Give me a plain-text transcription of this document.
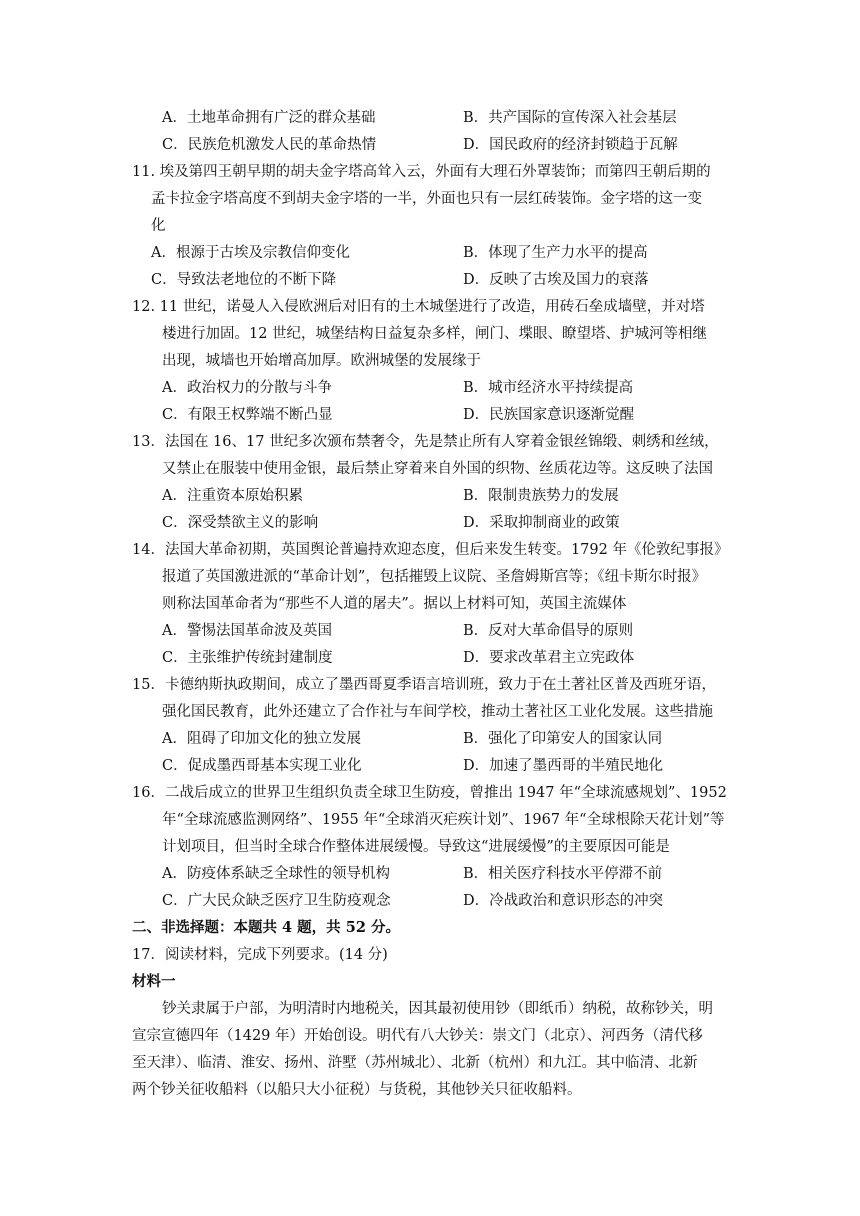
A．土地革命拥有广泛的群众基础	B．共产国际的宣传深入社会基层
C．民族危机激发人民的革命热情	D．国民政府的经济封锁趋于瓦解
11. 埃及第四王朝早期的胡夫金字塔高耸入云，外面有大理石外罩装饰；而第四王朝后期的
孟卡拉金字塔高度不到胡夫金字塔的一半，外面也只有一层红砖装饰。金字塔的这一变
化
A．根源于古埃及宗教信仰变化	B．体现了生产力水平的提高
C．导致法老地位的不断下降	D．反映了古埃及国力的衰落
12. 11 世纪，诺曼人入侵欧洲后对旧有的土木城堡进行了改造，用砖石垒成墙壁，并对塔
楼进行加固。12 世纪，城堡结构日益复杂多样，闸门、堞眼、瞭望塔、护城河等相继
出现，城墙也开始增高加厚。欧洲城堡的发展缘于
A．政治权力的分散与斗争	B．城市经济水平持续提高
C．有限王权弊端不断凸显	D．民族国家意识逐渐觉醒
13．法国在 16、17 世纪多次颁布禁奢令，先是禁止所有人穿着金银丝锦缎、刺绣和丝绒，
又禁止在服装中使用金银，最后禁止穿着来自外国的织物、丝质花边等。这反映了法国
A．注重资本原始积累	B．限制贵族势力的发展
C．深受禁欲主义的影响	D．采取抑制商业的政策
14．法国大革命初期，英国舆论普遍持欢迎态度，但后来发生转变。1792 年《伦敦纪事报》
报道了英国激进派的“革命计划”，包括摧毁上议院、圣詹姆斯宫等；《纽卡斯尔时报》
则称法国革命者为“那些不人道的屠夫”。据以上材料可知，英国主流媒体
A．警惕法国革命波及英国	B．反对大革命倡导的原则
C．主张维护传统封建制度	D．要求改革君主立宪政体
15．卡德纳斯执政期间，成立了墨西哥夏季语言培训班，致力于在土著社区普及西班牙语，
强化国民教育，此外还建立了合作社与车间学校，推动土著社区工业化发展。这些措施
A．阻碍了印加文化的独立发展	B．强化了印第安人的国家认同
C．促成墨西哥基本实现工业化	D．加速了墨西哥的半殖民地化
16．二战后成立的世界卫生组织负责全球卫生防疫，曾推出 1947 年“全球流感规划”、1952
年“全球流感监测网络”、1955 年“全球消灭疟疾计划”、1967 年“全球根除天花计划”等
计划项目，但当时全球合作整体进展缓慢。导致这“进展缓慢”的主要原因可能是
A．防疫体系缺乏全球性的领导机构	B．相关医疗科技水平停滞不前
C．广大民众缺乏医疗卫生防疫观念	D．冷战政治和意识形态的冲突
二、非选择题：本题共 4 题，共 52 分。
17．阅读材料，完成下列要求。(14 分)
材料一
钞关隶属于户部，为明清时内地税关，因其最初使用钞（即纸币）纳税，故称钞关，明
宣宗宣德四年（1429 年）开始创设。明代有八大钞关：崇文门（北京）、河西务（清代移
至天津）、临清、淮安、扬州、浒墅（苏州城北）、北新（杭州）和九江。其中临清、北新
两个钞关征收船料（以船只大小征税）与货税，其他钞关只征收船料。
